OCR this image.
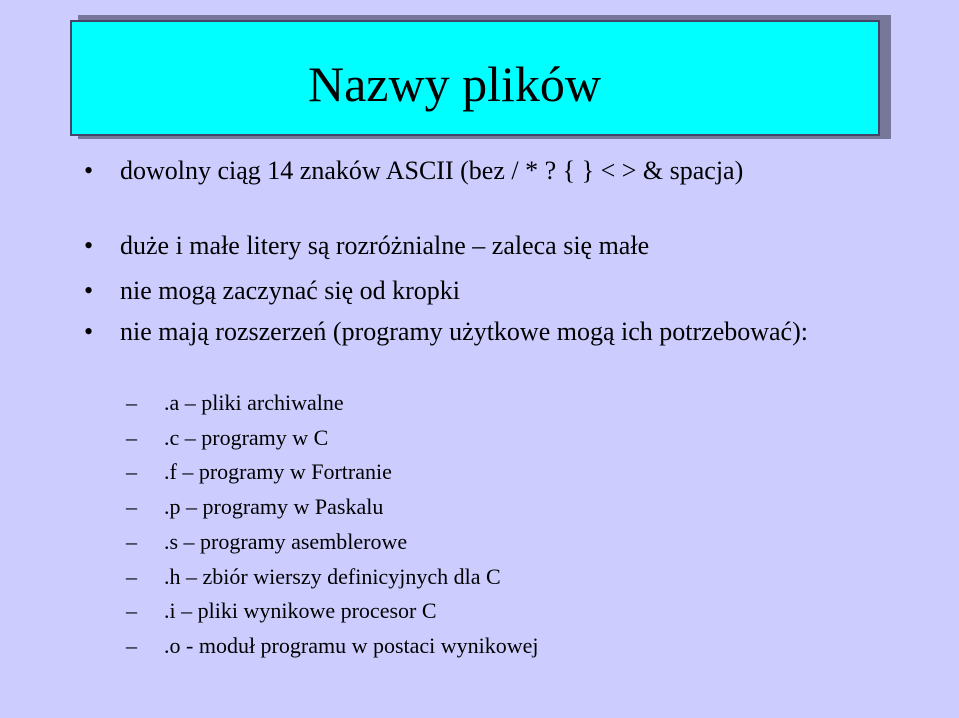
Nazwy plików
• dowolny ciąg 14 znaków ASCII (bez / * ? { } < > & spacja)
• duże i małe litery są rozróżnialne – zaleca się małe
• nie mogą zaczynać się od kropki
• nie mają rozszerzeń (programy użytkowe mogą ich potrzebować):
– .a – pliki archiwalne
– .c – programy w C
– .f – programy w Fortranie
– .p – programy w Paskalu
– .s – programy asemblerowe
– .h – zbiór wierszy definicyjnych dla C
– .i – pliki wynikowe procesor C
– .o - moduł programu w postaci wynikowej
